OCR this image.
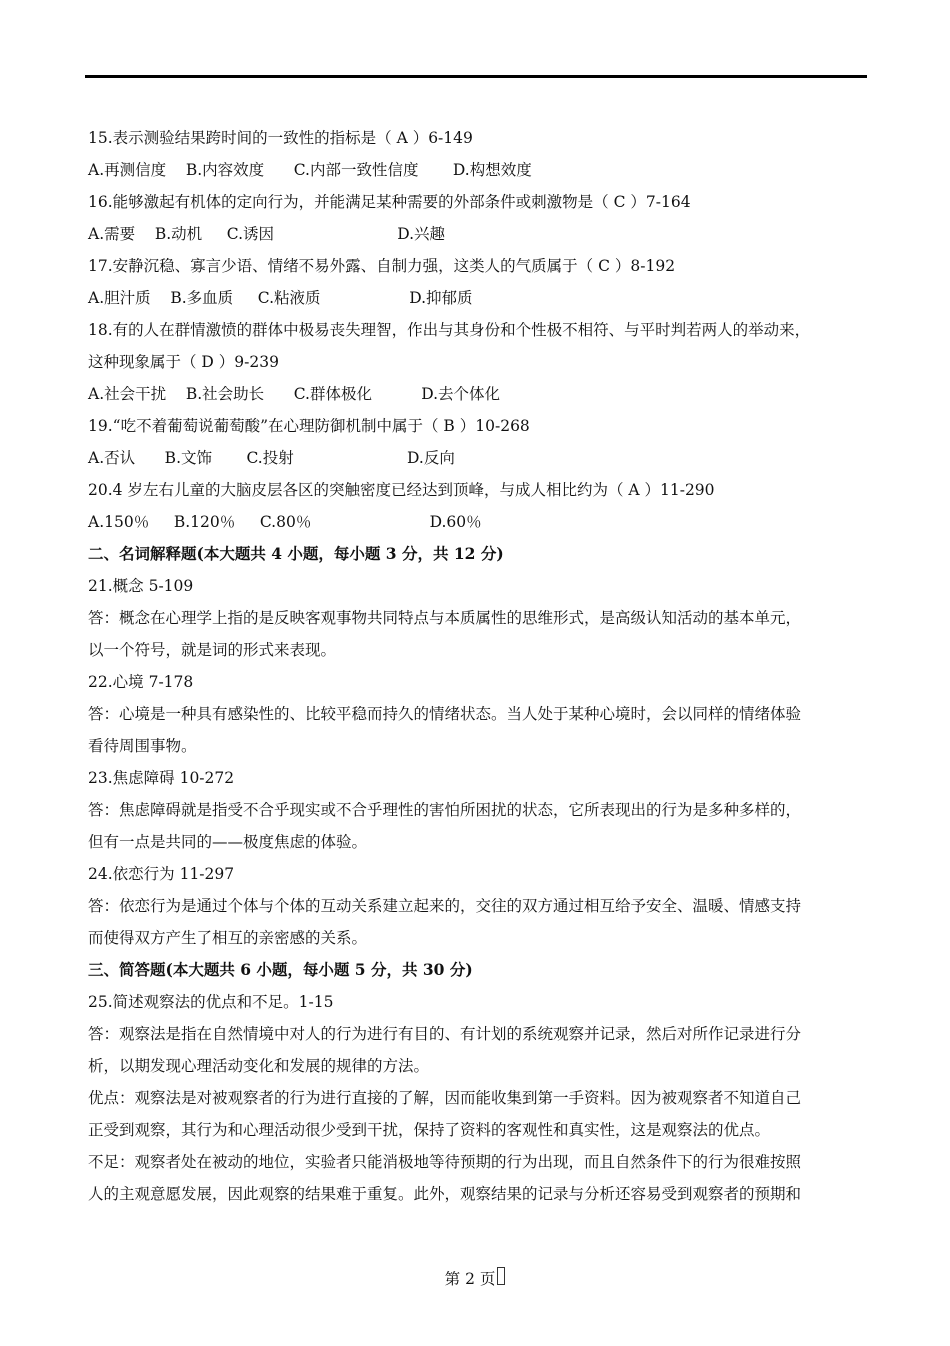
15.表示测验结果跨时间的一致性的指标是（ A ）6-149
A.再测信度    B.内容效度      C.内部一致性信度       D.构想效度
16.能够激起有机体的定向行为，并能满足某种需要的外部条件或刺激物是（ C ）7-164
A.需要    B.动机     C.诱因                         D.兴趣
17.安静沉稳、寡言少语、情绪不易外露、自制力强，这类人的气质属于（ C ）8-192
A.胆汁质    B.多血质     C.粘液质                  D.抑郁质
18.有的人在群情激愤的群体中极易丧失理智，作出与其身份和个性极不相符、与平时判若两人的举动来，
这种现象属于（ D ）9-239
A.社会干扰    B.社会助长      C.群体极化          D.去个体化
19.“吃不着葡萄说葡萄酸”在心理防御机制中属于（ B ）10-268
A.否认      B.文饰       C.投射                       D.反向
20.4 岁左右儿童的大脑皮层各区的突触密度已经达到顶峰，与成人相比约为（ A ）11-290
A.150％     B.120％     C.80％                        D.60％
二、名词解释题(本大题共 4 小题，每小题 3 分，共 12 分)
21.概念 5-109
答：概念在心理学上指的是反映客观事物共同特点与本质属性的思维形式，是高级认知活动的基本单元，
以一个符号，就是词的形式来表现。
22.心境 7-178
答：心境是一种具有感染性的、比较平稳而持久的情绪状态。当人处于某种心境时，会以同样的情绪体验
看待周围事物。
23.焦虑障碍 10-272
答：焦虑障碍就是指受不合乎现实或不合乎理性的害怕所困扰的状态，它所表现出的行为是多种多样的，
但有一点是共同的——极度焦虑的体验。
24.依恋行为 11-297
答：依恋行为是通过个体与个体的互动关系建立起来的，交往的双方通过相互给予安全、温暖、情感支持
而使得双方产生了相互的亲密感的关系。
三、简答题(本大题共 6 小题，每小题 5 分，共 30 分)
25.简述观察法的优点和不足。1-15
答：观察法是指在自然情境中对人的行为进行有目的、有计划的系统观察并记录，然后对所作记录进行分
析，以期发现心理活动变化和发展的规律的方法。
优点：观察法是对被观察者的行为进行直接的了解，因而能收集到第一手资料。因为被观察者不知道自己
正受到观察，其行为和心理活动很少受到干扰，保持了资料的客观性和真实性，这是观察法的优点。
不足：观察者处在被动的地位，实验者只能消极地等待预期的行为出现，而且自然条件下的行为很难按照
人的主观意愿发展，因此观察的结果难于重复。此外，观察结果的记录与分析还容易受到观察者的预期和
第 2 页
